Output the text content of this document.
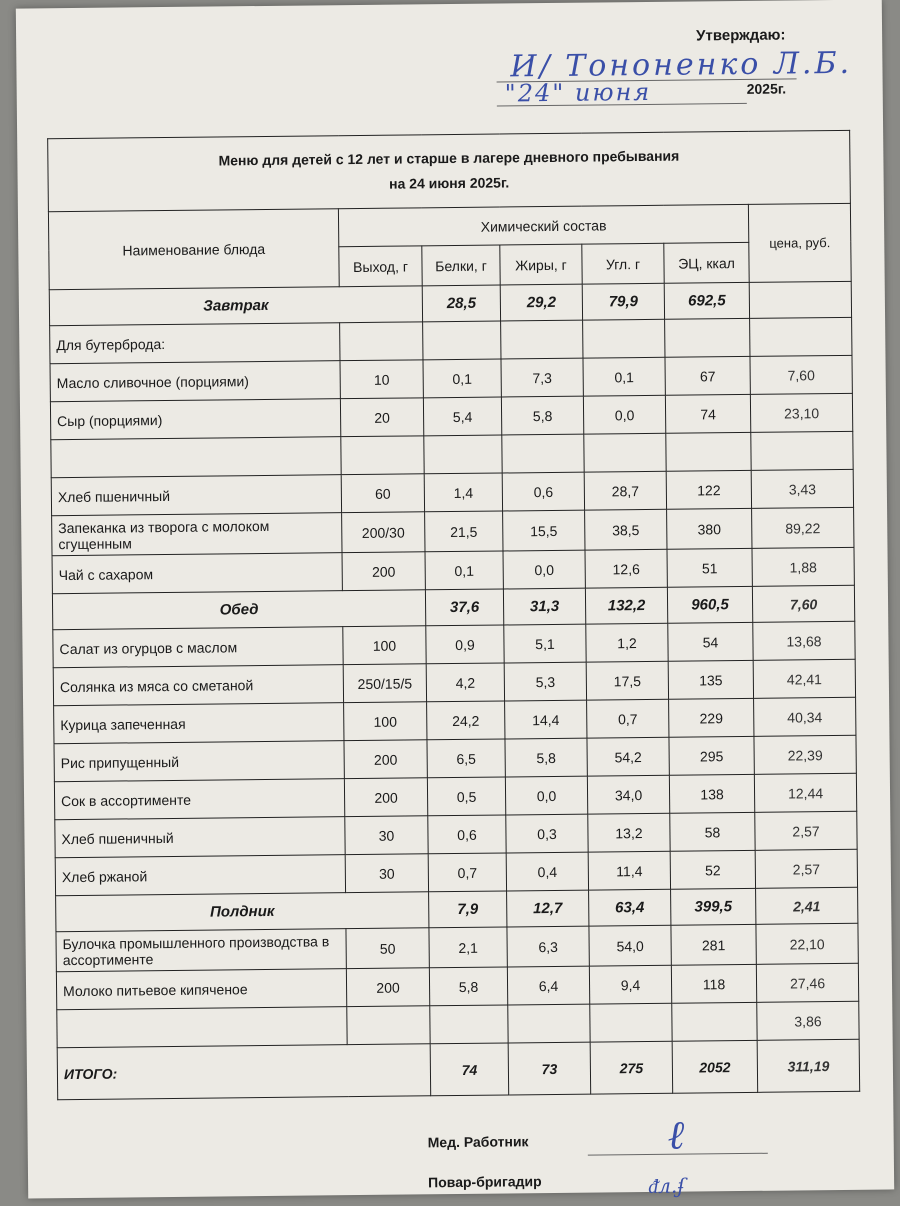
Утверждаю:
И/ Тононенко Л.Б.
"24" июня	2025г.
Меню для детей с 12 лет и старше в лагере дневного пребывания
на 24 июня 2025г.						

Наименование блюда	Химический состав					цена, руб.
	Выход, г	Белки, г	Жиры, г	Угл. г	ЭЦ, ккал	
Завтрак		28,5	29,2	79,9	692,5	
Для бутерброда:						
Масло сливочное (порциями)	10	0,1	7,3	0,1	67	7,60
Сыр (порциями)	20	5,4	5,8	0,0	74	23,10

Хлеб пшеничный	60	1,4	0,6	28,7	122	3,43
Запеканка из творога с молоком сгущенным	200/30	21,5	15,5	38,5	380	89,22
Чай с сахаром	200	0,1	0,0	12,6	51	1,88
Обед		37,6	31,3	132,2	960,5	7,60
Салат из огурцов с маслом	100	0,9	5,1	1,2	54	13,68
Солянка из мяса со сметаной	250/15/5	4,2	5,3	17,5	135	42,41
Курица запеченная	100	24,2	14,4	0,7	229	40,34
Рис припущенный	200	6,5	5,8	54,2	295	22,39
Сок в ассортименте	200	0,5	0,0	34,0	138	12,44
Хлеб пшеничный	30	0,6	0,3	13,2	58	2,57
Хлеб ржаной	30	0,7	0,4	11,4	52	2,57
Полдник		7,9	12,7	63,4	399,5	2,41
Булочка промышленного производства в ассортименте	50	2,1	6,3	54,0	281	22,10
Молоко питьевое кипяченое	200	5,8	6,4	9,4	118	27,46
						3,86
ИТОГО:		74	73	275	2052	311,19
Мед. Работник	ℓ
Повар-бригадир	ᵭл.ʄ
